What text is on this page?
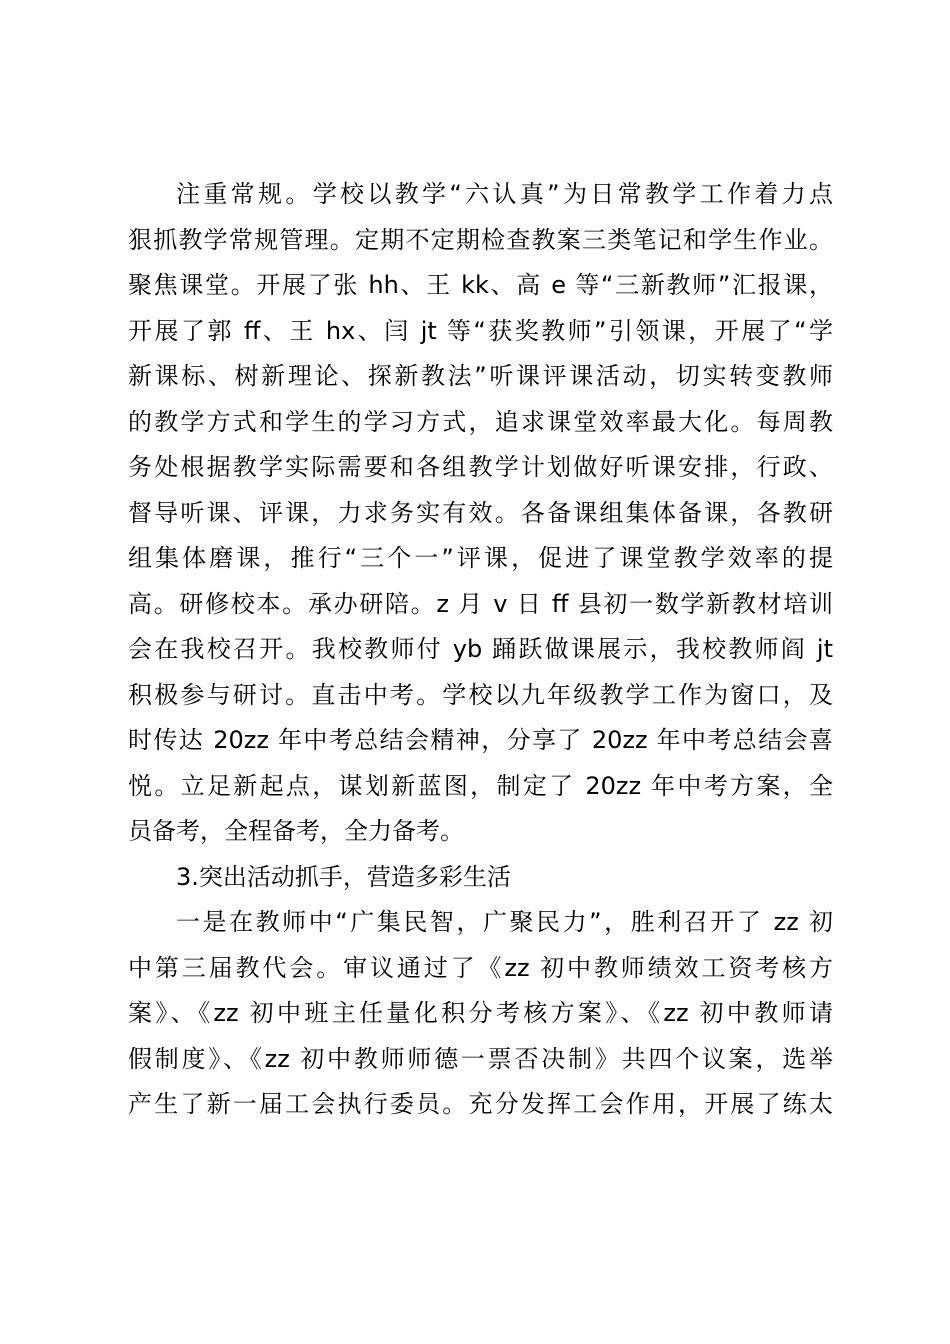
注重常规。学校以教学“六认真”为日常教学工作着力点
狠抓教学常规管理。定期不定期检查教案三类笔记和学生作业。
聚焦课堂。开展了张 hh、王 kk、高 e 等“三新教师”汇报课，
开展了郭 ff、王 hx、闫 jt 等“获奖教师”引领课，开展了“学
新课标、树新理论、探新教法”听课评课活动，切实转变教师
的教学方式和学生的学习方式，追求课堂效率最大化。每周教
务处根据教学实际需要和各组教学计划做好听课安排，行政、
督导听课、评课，力求务实有效。各备课组集体备课，各教研
组集体磨课，推行“三个一”评课，促进了课堂教学效率的提
高。研修校本。承办研陪。z 月 v 日 ff 县初一数学新教材培训
会在我校召开。我校教师付 yb 踊跃做课展示，我校教师阎 jt
积极参与研讨。直击中考。学校以九年级教学工作为窗口，及
时传达 20zz 年中考总结会精神，分享了 20zz 年中考总结会喜
悦。立足新起点，谋划新蓝图，制定了 20zz 年中考方案，全
员备考，全程备考，全力备考。
3.突出活动抓手，营造多彩生活
一是在教师中“广集民智，广聚民力”，胜利召开了 zz 初
中第三届教代会。审议通过了《zz 初中教师绩效工资考核方
案》、《zz 初中班主任量化积分考核方案》、《zz 初中教师请
假制度》、《zz 初中教师师德一票否决制》共四个议案，选举
产生了新一届工会执行委员。充分发挥工会作用，开展了练太
